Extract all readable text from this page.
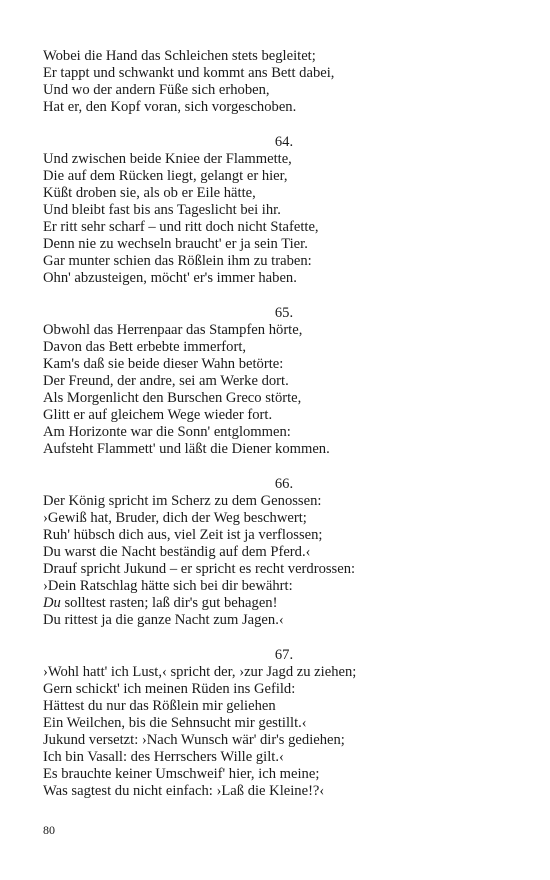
Wobei die Hand das Schleichen stets begleitet;
Er tappt und schwankt und kommt ans Bett dabei,
Und wo der andern Füße sich erhoben,
Hat er, den Kopf voran, sich vorgeschoben.
64.
Und zwischen beide Kniee der Flammette,
Die auf dem Rücken liegt, gelangt er hier,
Küßt droben sie, als ob er Eile hätte,
Und bleibt fast bis ans Tageslicht bei ihr.
Er ritt sehr scharf – und ritt doch nicht Stafette,
Denn nie zu wechseln braucht' er ja sein Tier.
Gar munter schien das Rößlein ihm zu traben:
Ohn' abzusteigen, möcht' er's immer haben.
65.
Obwohl das Herrenpaar das Stampfen hörte,
Davon das Bett erbebte immerfort,
Kam's daß sie beide dieser Wahn betörte:
Der Freund, der andre, sei am Werke dort.
Als Morgenlicht den Burschen Greco störte,
Glitt er auf gleichem Wege wieder fort.
Am Horizonte war die Sonn' entglommen:
Aufsteht Flammett' und läßt die Diener kommen.
66.
Der König spricht im Scherz zu dem Genossen:
›Gewiß hat, Bruder, dich der Weg beschwert;
Ruh' hübsch dich aus, viel Zeit ist ja verflossen;
Du warst die Nacht beständig auf dem Pferd.‹
Drauf spricht Jukund – er spricht es recht verdrossen:
›Dein Ratschlag hätte sich bei dir bewährt:
Du solltest rasten; laß dir's gut behagen!
Du rittest ja die ganze Nacht zum Jagen.‹
67.
›Wohl hatt' ich Lust,‹ spricht der, ›zur Jagd zu ziehen;
Gern schickt' ich meinen Rüden ins Gefild:
Hättest du nur das Rößlein mir geliehen
Ein Weilchen, bis die Sehnsucht mir gestillt.‹
Jukund versetzt: ›Nach Wunsch wär' dir's gediehen;
Ich bin Vasall: des Herrschers Wille gilt.‹
Es brauchte keiner Umschweif' hier, ich meine;
Was sagtest du nicht einfach: ›Laß die Kleine!?‹
80
